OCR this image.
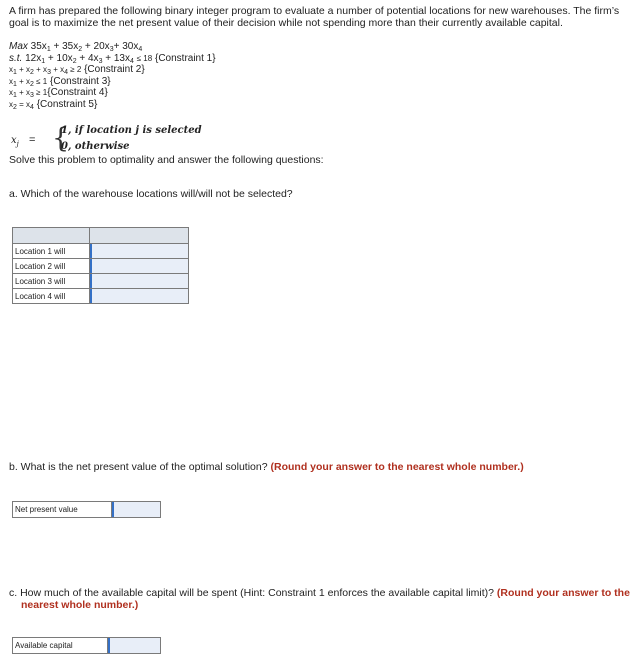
A firm has prepared the following binary integer program to evaluate a number of potential locations for new warehouses. The firm’s goal is to maximize the net present value of their decision while not spending more than their currently available capital.
Max $35x_1 + 35x_2 + 20x_3+ 30x_4$
s.t. $12x_1 + 10x_2 + 4x_3 + 13x_4 \le 18$ {Constraint 1}
$x_1 + x_2 + x_3 + x_4 \ge 2$ {Constraint 2}
$x_1 + x_2 \le 1$ {Constraint 3}
$x_1 + x_3$ ≥ 1{Constraint 4}
$x_2 = x_4$ {Constraint 5}
$x_j$ = {
1, if location j is selected
0, otherwise
Solve this problem to optimality and answer the following questions:
a. Which of the warehouse locations will/will not be selected?

Location 1 will	

Location 2 will	

Location 3 will	

Location 4 will	
b. What is the net present value of the optimal solution? (Round your answer to the nearest whole number.)
Net present value
c. How much of the available capital will be spent (Hint: Constraint 1 enforces the available capital limit)? (Round your answer to the
nearest whole number.)
Available capital
